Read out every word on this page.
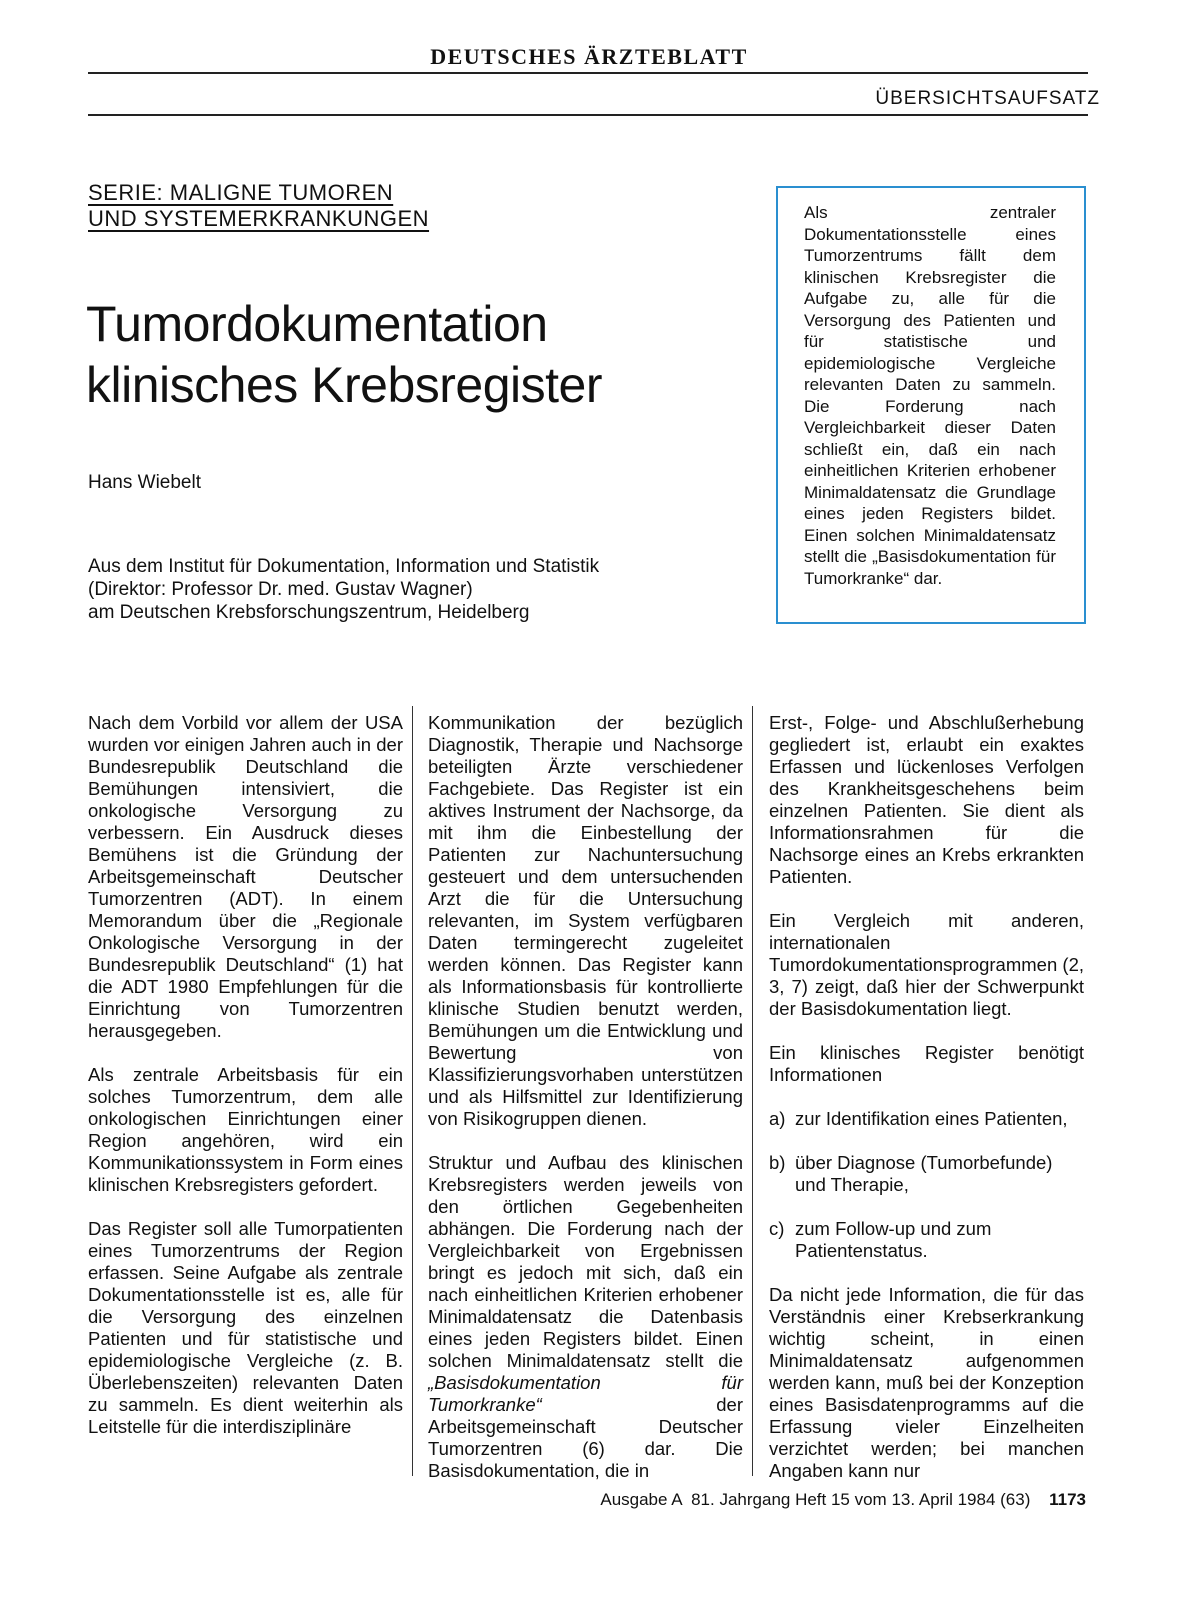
DEUTSCHES ÄRZTEBLATT
ÜBERSICHTSAUFSATZ
SERIE: MALIGNE TUMOREN
UND SYSTEMERKRANKUNGEN
Tumordokumentation
klinisches Krebsregister
Hans Wiebelt
Aus dem Institut für Dokumentation, Information und Statistik
(Direktor: Professor Dr. med. Gustav Wagner)
am Deutschen Krebsforschungszentrum, Heidelberg
Als zentraler Dokumentationsstelle eines Tumorzentrums fällt dem klinischen Krebsregister die Aufgabe zu, alle für die Versorgung des Patienten und für statistische und epidemiologische Vergleiche relevanten Daten zu sammeln. Die Forderung nach Vergleichbarkeit dieser Daten schließt ein, daß ein nach einheitlichen Kriterien erhobener Minimaldatensatz die Grundlage eines jeden Registers bildet. Einen solchen Minimaldatensatz stellt die „Basisdokumentation für Tumorkranke“ dar.

Nach dem Vorbild vor allem der USA wurden vor einigen Jahren auch in der Bundesrepublik Deutschland die Bemühungen intensiviert, die onkologische Versorgung zu verbessern. Ein Ausdruck dieses Bemühens ist die Gründung der Arbeitsgemeinschaft Deutscher Tumorzentren (ADT). In einem Memorandum über die „Regionale Onkologische Versorgung in der Bundesrepublik Deutschland“ (1) hat die ADT 1980 Empfehlungen für die Einrichtung von Tumorzentren herausgegeben.

Als zentrale Arbeitsbasis für ein solches Tumorzentrum, dem alle onkologischen Einrichtungen einer Region angehören, wird ein Kommunikationssystem in Form eines klinischen Krebsregisters gefordert.

Das Register soll alle Tumorpatienten eines Tumorzentrums der Region erfassen. Seine Aufgabe als zentrale Dokumentationsstelle ist es, alle für die Versorgung des einzelnen Patienten und für statistische und epidemiologische Vergleiche (z. B. Überlebenszeiten) relevanten Daten zu sammeln. Es dient weiterhin als Leitstelle für die interdisziplinäre

Kommunikation der bezüglich Diagnostik, Therapie und Nachsorge beteiligten Ärzte verschiedener Fachgebiete. Das Register ist ein aktives Instrument der Nachsorge, da mit ihm die Einbestellung der Patienten zur Nachuntersuchung gesteuert und dem untersuchenden Arzt die für die Untersuchung relevanten, im System verfügbaren Daten termingerecht zugeleitet werden können. Das Register kann als Informationsbasis für kontrollierte klinische Studien benutzt werden, Bemühungen um die Entwicklung und Bewertung von Klassifizierungsvorhaben unterstützen und als Hilfsmittel zur Identifizierung von Risikogruppen dienen.

Struktur und Aufbau des klinischen Krebsregisters werden jeweils von den örtlichen Gegebenheiten abhängen. Die Forderung nach der Vergleichbarkeit von Ergebnissen bringt es jedoch mit sich, daß ein nach einheitlichen Kriterien erhobener Minimaldatensatz die Datenbasis eines jeden Registers bildet. Einen solchen Minimaldatensatz stellt die „Basisdokumentation für Tumorkranke“ der Arbeitsgemeinschaft Deutscher Tumorzentren (6) dar. Die Basisdokumentation, die in

Erst-, Folge- und Abschlußerhebung gegliedert ist, erlaubt ein exaktes Erfassen und lückenloses Verfolgen des Krankheitsgeschehens beim einzelnen Patienten. Sie dient als Informationsrahmen für die Nachsorge eines an Krebs erkrankten Patienten.

Ein Vergleich mit anderen, internationalen Tumordokumentationsprogrammen (2, 3, 7) zeigt, daß hier der Schwerpunkt der Basisdokumentation liegt.

Ein klinisches Register benötigt Informationen

a) zur Identifikation eines Patienten,
b) über Diagnose (Tumorbefunde) und Therapie,
c) zum Follow-up und zum Patientenstatus.

Da nicht jede Information, die für das Verständnis einer Krebserkrankung wichtig scheint, in einen Minimaldatensatz aufgenommen werden kann, muß bei der Konzeption eines Basisdatenprogramms auf die Erfassung vieler Einzelheiten verzichtet werden; bei manchen Angaben kann nur

Ausgabe A  81. Jahrgang Heft 15 vom 13. April 1984 (63) 1173
